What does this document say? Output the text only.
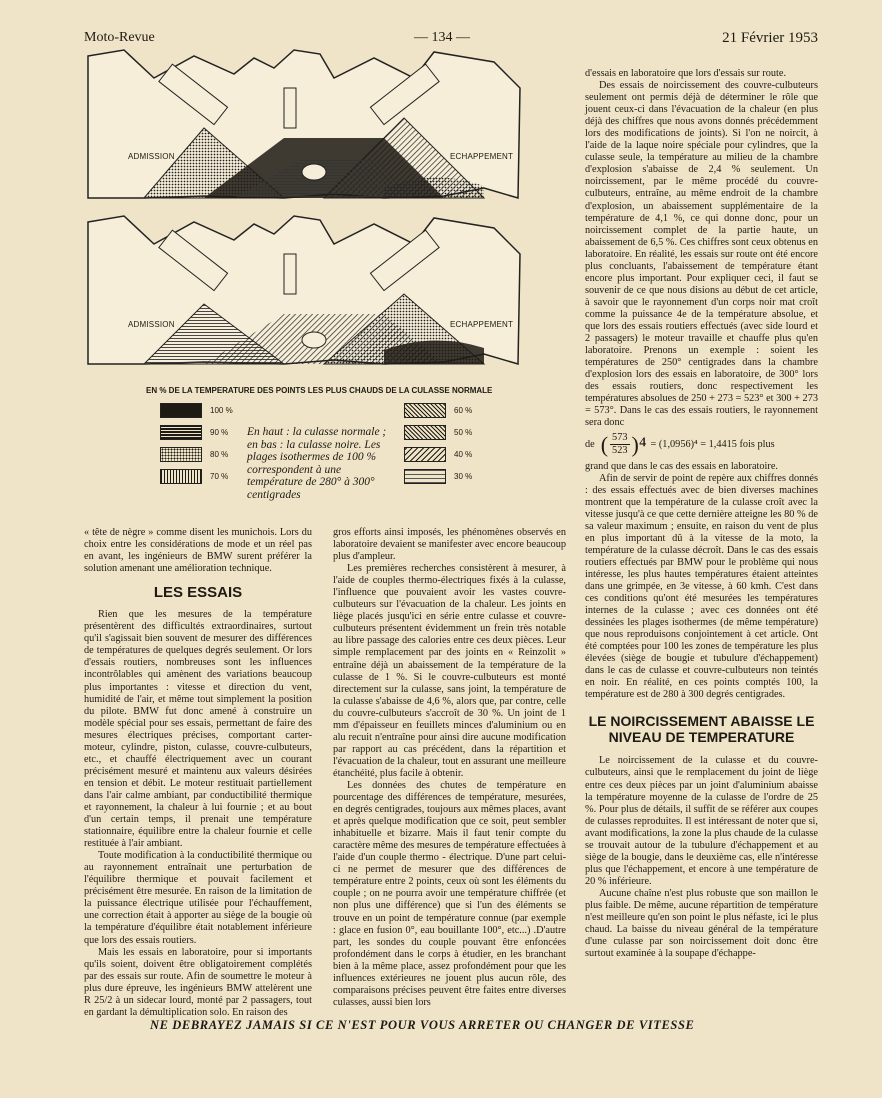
Moto-Revue	— 134 —	21 Février 1953
ADMISSION	ECHAPPEMENT
ADMISSION	ECHAPPEMENT
EN % DE LA TEMPERATURE DES POINTS LES PLUS CHAUDS DE LA CULASSE NORMALE
100 %
90 %
80 %
70 %
60 %
50 %
40 %
30 %
En haut : la culasse normale ; en bas : la culasse noire. Les plages isothermes de 100 % correspondent à une température de 280° à 300° centigrades

« tête de nègre » comme disent les munichois. Lors du choix entre les considérations de mode et un réel pas en avant, les ingénieurs de BMW surent préférer la solution amenant une amélioration technique.

LES ESSAIS

Rien que les mesures de la température présentèrent des difficultés extraordinaires, surtout qu'il s'agissait bien souvent de mesurer des différences de températures de quelques degrés seulement. Or lors d'essais routiers, nombreuses sont les influences incontrôlables qui amènent des variations beaucoup plus importantes : vitesse et direction du vent, humidité de l'air, et même tout simplement la position du pilote. BMW fut donc amené à construire un modèle spécial pour ses essais, permettant de faire des mesures électriques précises, comportant carter-moteur, cylindre, piston, culasse, couvre-culbuteurs, etc., et chauffé électriquement avec un courant précisément mesuré et maintenu aux valeurs désirées en tension et débit. Le moteur restituait partiellement dans l'air calme ambiant, par conductibilité thermique et rayonnement, la chaleur à lui fournie ; et au bout d'un certain temps, il prenait une température stationnaire, équilibre entre la chaleur fournie et celle restituée à l'air ambiant.

Toute modification à la conductibilité thermique ou au rayonnement entraînait une perturbation de l'équilibre thermique et pouvait facilement et précisément être mesurée. En raison de la limitation de la puissance électrique utilisée pour l'échauffement, une correction était à apporter au siège de la bougie où la température d'équilibre était notablement inférieure que lors des essais routiers.

Mais les essais en laboratoire, pour si importants qu'ils soient, doivent être obligatoirement complétés par des essais sur route. Afin de soumettre le moteur à plus dure épreuve, les ingénieurs BMW attelèrent une R 25/2 à un sidecar lourd, monté par 2 passagers, tout en gardant la démultiplication solo. En raison des

gros efforts ainsi imposés, les phénomènes observés en laboratoire devaient se manifester avec encore beaucoup plus d'ampleur.

Les premières recherches consistèrent à mesurer, à l'aide de couples thermo-électriques fixés à la culasse, l'influence que pouvaient avoir les vastes couvre-culbuteurs sur l'évacuation de la chaleur. Les joints en liège placés jusqu'ici en série entre culasse et couvre-culbuteurs présentent évidemment un frein très notable au libre passage des calories entre ces deux pièces. Leur simple remplacement par des joints en « Reinzolit » entraîne déjà un abaissement de la température de la culasse de 1 %. Si le couvre-culbuteurs est monté directement sur la culasse, sans joint, la température de la culasse s'abaisse de 4,6 %, alors que, par contre, celle du couvre-culbuteurs s'accroît de 30 %. Un joint de 1 mm d'épaisseur en feuillets minces d'aluminium ou en alu recuit n'entraîne pour ainsi dire aucune modification par rapport au cas précédent, dans la répartition et l'évacuation de la chaleur, tout en assurant une meilleure étanchéité, plus facile à obtenir.

Les données des chutes de température en pourcentage des différences de température, mesurées, en degrés centigrades, toujours aux mêmes places, avant et après quelque modification que ce soit, peut sembler inhabituelle et bizarre. Mais il faut tenir compte du caractère même des mesures de température effectuées à l'aide d'un couple thermo - électrique. D'une part celui-ci ne permet de mesurer que des différences de température entre 2 points, ceux où sont les éléments du couple ; on ne pourra avoir une température chiffrée (et non plus une différence) que si l'un des éléments se trouve en un point de température connue (par exemple : glace en fusion 0°, eau bouillante 100°, etc...) .D'autre part, les sondes du couple pouvant être enfoncées profondément dans le corps à étudier, en les branchant bien à la même place, assez profondément pour que les influences extérieures ne jouent plus aucun rôle, des comparaisons précises peuvent être faites entre diverses culasses, aussi bien lors

d'essais en laboratoire que lors d'essais sur route.

Des essais de noircissement des couvre-culbuteurs seulement ont permis déjà de déterminer le rôle que jouent ceux-ci dans l'évacuation de la chaleur (en plus déjà des chiffres que nous avons donnés précédemment lors des modifications de joints). Si l'on ne noircit, à l'aide de la laque noire spéciale pour cylindres, que la culasse seule, la température au milieu de la chambre d'explosion s'abaisse de 2,4 % seulement. Un noircissement, par le même procédé du couvre-culbuteurs, entraîne, au même endroit de la chambre d'explosion, un abaissement supplémentaire de la température de 4,1 %, ce qui donne donc, pour un noircissement complet de la partie haute, un abaissement de 6,5 %. Ces chiffres sont ceux obtenus en laboratoire. En réalité, les essais sur route ont été encore plus concluants, l'abaissement de température étant encore plus important. Pour expliquer ceci, il faut se souvenir de ce que nous disions au début de cet article, à savoir que le rayonnement d'un corps noir mat croît comme la puissance 4e de la température absolue, et que lors des essais routiers effectués (avec side lourd et 2 passagers) le moteur travaille et chauffe plus qu'en laboratoire. Prenons un exemple : soient les températures de 250° centigrades dans la chambre d'explosion lors des essais en laboratoire, de 300° lors des essais routiers, donc respectivement les températures absolues de 250 + 273 = 523° et 300 + 273 = 573°. Dans le cas des essais routiers, le rayonnement sera donc

de ( $\frac{573}{523} )^4 = (1,0956)^4 = 1,4415$ fois plus

grand que dans le cas des essais en laboratoire.

Afin de servir de point de repère aux chiffres donnés : des essais effectués avec de bien diverses machines montrent que la température de la culasse croît avec la vitesse jusqu'à ce que cette dernière atteigne les 80 % de sa valeur maximum ; ensuite, en raison du vent de plus en plus important dû à la vitesse de la moto, la température de la culasse décroît. Dans le cas des essais routiers effectués par BMW pour le problème qui nous intéresse, les plus hautes températures étaient atteintes dans une grimpée, en 3e vitesse, à 60 kmh. C'est dans ces conditions qu'ont été mesurées les températures internes de la culasse ; avec ces données ont été dessinées les plages isothermes (de même température) que nous reproduisons conjointement à cet article. Ont été comptées pour 100 les zones de température les plus élevées (siège de bougie et tubulure d'échappement) dans le cas de culasse et couvre-culbuteurs non teintés en noir. En réalité, en ces points comptés 100, la température est de 280 à 300 degrés centigrades.

LE NOIRCISSEMENT ABAISSE LE NIVEAU DE TEMPERATURE

Le noircissement de la culasse et du couvre-culbuteurs, ainsi que le remplacement du joint de liège entre ces deux pièces par un joint d'aluminium abaisse la température moyenne de la culasse de l'ordre de 25 %. Pour plus de détails, il suffit de se référer aux coupes de culasses reproduites. Il est intéressant de noter que si, avant modifications, la zone la plus chaude de la culasse se trouvait autour de la tubulure d'échappement et au siège de la bougie, dans le deuxième cas, elle n'intéresse plus que l'échappement, et encore à une température de 20 % inférieure.

Aucune chaîne n'est plus robuste que son maillon le plus faible. De même, aucune répartition de température n'est meilleure qu'en son point le plus néfaste, ici le plus chaud. La baisse du niveau général de la température d'une culasse par son noircissement doit donc être surtout examinée à la soupape d'échappe-

NE DEBRAYEZ JAMAIS SI CE N'EST POUR VOUS ARRETER OU CHANGER DE VITESSE
